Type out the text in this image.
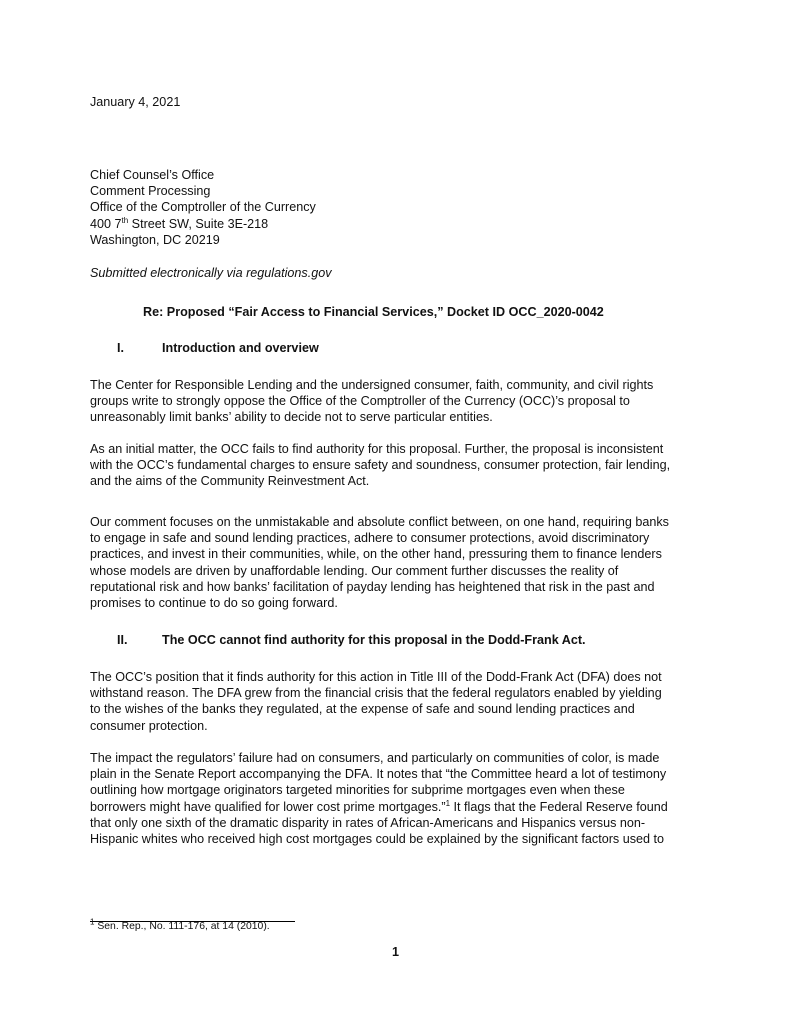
January 4, 2021
Chief Counsel’s Office
Comment Processing
Office of the Comptroller of the Currency
400 7th Street SW, Suite 3E-218
Washington, DC 20219
Submitted electronically via regulations.gov
Re: Proposed “Fair Access to Financial Services,” Docket ID OCC_2020-0042
I.	Introduction and overview
The Center for Responsible Lending and the undersigned consumer, faith, community, and civil rights
groups write to strongly oppose the Office of the Comptroller of the Currency (OCC)’s proposal to
unreasonably limit banks’ ability to decide not to serve particular entities.
As an initial matter, the OCC fails to find authority for this proposal. Further, the proposal is inconsistent
with the OCC’s fundamental charges to ensure safety and soundness, consumer protection, fair lending,
and the aims of the Community Reinvestment Act.
Our comment focuses on the unmistakable and absolute conflict between, on one hand, requiring banks
to engage in safe and sound lending practices, adhere to consumer protections, avoid discriminatory
practices, and invest in their communities, while, on the other hand, pressuring them to finance lenders
whose models are driven by unaffordable lending. Our comment further discusses the reality of
reputational risk and how banks’ facilitation of payday lending has heightened that risk in the past and
promises to continue to do so going forward.
II.	The OCC cannot find authority for this proposal in the Dodd-Frank Act.
The OCC’s position that it finds authority for this action in Title III of the Dodd-Frank Act (DFA) does not
withstand reason. The DFA grew from the financial crisis that the federal regulators enabled by yielding
to the wishes of the banks they regulated, at the expense of safe and sound lending practices and
consumer protection.
The impact the regulators’ failure had on consumers, and particularly on communities of color, is made
plain in the Senate Report accompanying the DFA. It notes that “the Committee heard a lot of testimony
outlining how mortgage originators targeted minorities for subprime mortgages even when these
borrowers might have qualified for lower cost prime mortgages.”$^1$ It flags that the Federal Reserve found
that only one sixth of the dramatic disparity in rates of African-Americans and Hispanics versus non-
Hispanic whites who received high cost mortgages could be explained by the significant factors used to
$^1$ Sen. Rep., No. 111-176, at 14 (2010).
1
